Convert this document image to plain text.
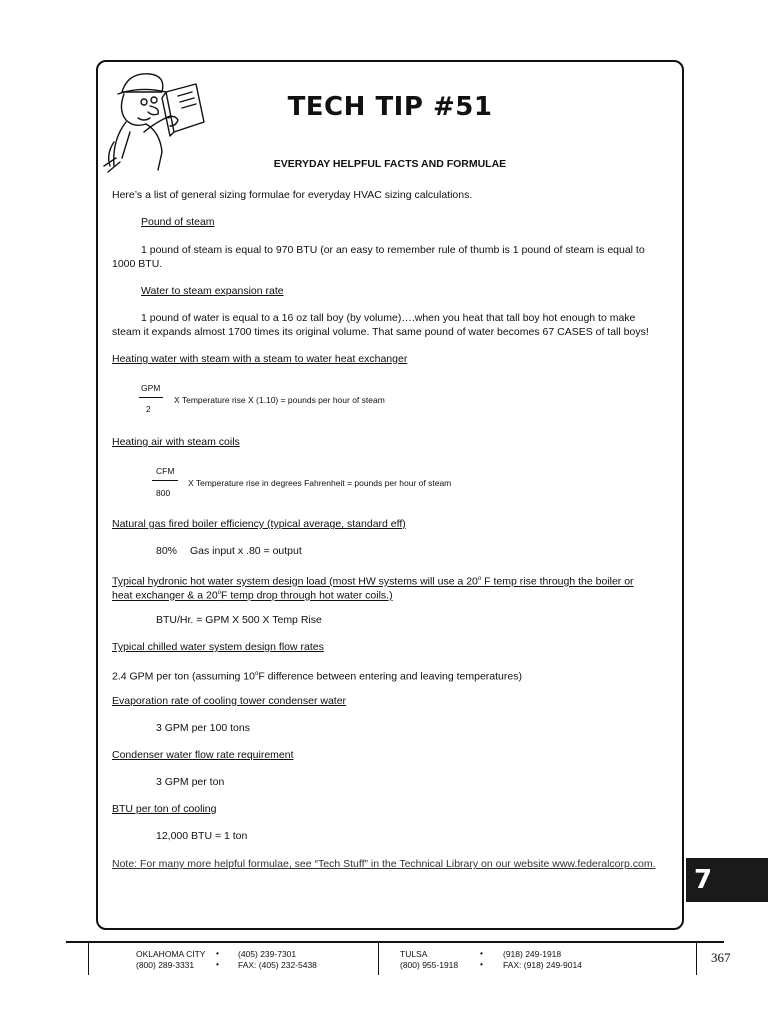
TECH TIP #51
EVERYDAY HELPFUL FACTS AND FORMULAE
Here’s a list of general sizing formulae for everyday HVAC sizing calculations.
Pound of steam
1 pound of steam is equal to 970 BTU (or an easy to remember rule of thumb is 1 pound of steam is equal to
1000 BTU.
Water to steam expansion rate
1 pound of water is equal to a 16 oz tall boy (by volume)….when you heat that tall boy hot enough to make
steam it expands almost 1700 times its original volume. That same pound of water becomes 67 CASES of tall boys!
Heating water with steam with a steam to water heat exchanger
GPM
2
X Temperature rise X (1.10) = pounds per hour of steam
Heating air with steam coils
CFM
800
X Temperature rise in degrees Fahrenheit = pounds per hour of steam
Natural gas fired boiler efficiency (typical average, standard eff)
80% Gas input x .80 = output
Typical hydronic hot water system design load (most HW systems will use a 20$^o$ F temp rise through the boiler or
heat exchanger & a 20$^o$F temp drop through hot water coils.)
BTU/Hr. = GPM X 500 X Temp Rise
Typical chilled water system design flow rates
2.4 GPM per ton (assuming 10$^o$F difference between entering and leaving temperatures)
Evaporation rate of cooling tower condenser water
3 GPM per 100 tons
Condenser water flow rate requirement
3 GPM per ton
BTU per ton of cooling
12,000 BTU = 1 ton
Note: For many more helpful formulae, see “Tech Stuff” in the Technical Library on our website www.federalcorp.com.
7
OKLAHOMA CITY
(800) 289-3331
•
•
(405) 239-7301
FAX: (405) 232-5438
TULSA
(800) 955-1918
•
•
(918) 249-1918
FAX: (918) 249-9014	367
